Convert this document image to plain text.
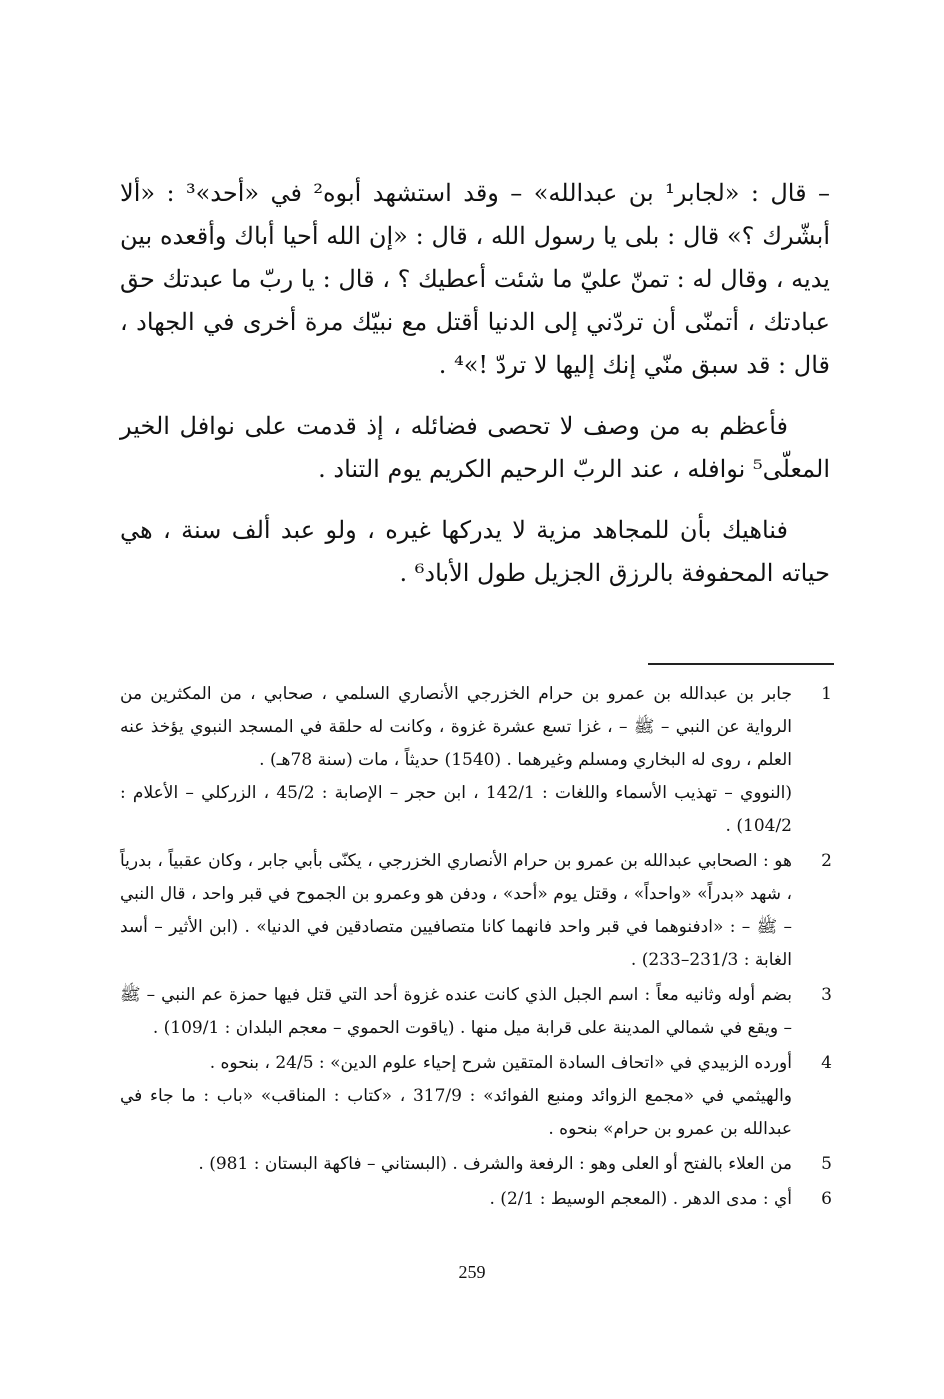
– قال : «لجابر¹ بن عبدالله» – وقد استشهد أبوه² في «أحد»³ : «ألا أبشّرك ؟» قال : بلى يا رسول الله ، قال : «إن الله أحيا أباك وأقعده بين يديه ، وقال له : تمنّ عليّ ما شئت أعطيك ؟ ، قال : يا ربّ ما عبدتك حق عبادتك ، أتمنّى أن تردّني إلى الدنيا أقتل مع نبيّك مرة أخرى في الجهاد ، قال : قد سبق منّي إنك إليها لا تردّ !»⁴ .

فأعظم به من وصف لا تحصى فضائله ، إذ قدمت على نوافل الخير المعلّى⁵ نوافله ، عند الربّ الرحيم الكريم يوم التناد .

فناهيك بأن للمجاهد مزية لا يدركها غيره ، ولو عبد ألف سنة ، هي حياته المحفوفة بالرزق الجزيل طول الأباد⁶ .

1
جابر بن عبدالله بن عمرو بن حرام الخزرجي الأنصاري السلمي ، صحابي ، من المكثرين من الرواية عن النبي – ﷺ – ، غزا تسع عشرة غزوة ، وكانت له حلقة في المسجد النبوي يؤخذ عنه العلم ، روى له البخاري ومسلم وغيرهما . (1540) حديثاً ، مات (سنة 78هـ) .
(النووي – تهذيب الأسماء واللغات : 142/1 ، ابن حجر – الإصابة : 45/2 ، الزركلي – الأعلام : 104/2) .
2
هو : الصحابي عبدالله بن عمرو بن حرام الأنصاري الخزرجي ، يكنّى بأبي جابر ، وكان عقبياً ، بدرياً ، شهد «بدراً» «واحداً» ، وقتل يوم «أحد» ، ودفن هو وعمرو بن الجموح في قبر واحد ، قال النبي – ﷺ – : «ادفنوهما في قبر واحد فانهما كانا متصافيين متصادقين في الدنيا» . (ابن الأثير – أسد الغابة : 231/3–233) .
3
بضم أوله وثانيه معاً : اسم الجبل الذي كانت عنده غزوة أحد التي قتل فيها حمزة عم النبي – ﷺ – ويقع في شمالي المدينة على قرابة ميل منها . (ياقوت الحموي – معجم البلدان : 109/1) .
4
أورده الزبيدي في «اتحاف السادة المتقين شرح إحياء علوم الدين» : 24/5 ، بنحوه .
والهيثمي في «مجمع الزوائد ومنبع الفوائد» : 317/9 ، «كتاب : المناقب» «باب : ما جاء في عبدالله بن عمرو بن حرام» بنحوه .
5
من العلاء بالفتح أو العلى وهو : الرفعة والشرف . (البستاني – فاكهة البستان : 981) .
6
أي : مدى الدهر . (المعجم الوسيط : 2/1) .
259
